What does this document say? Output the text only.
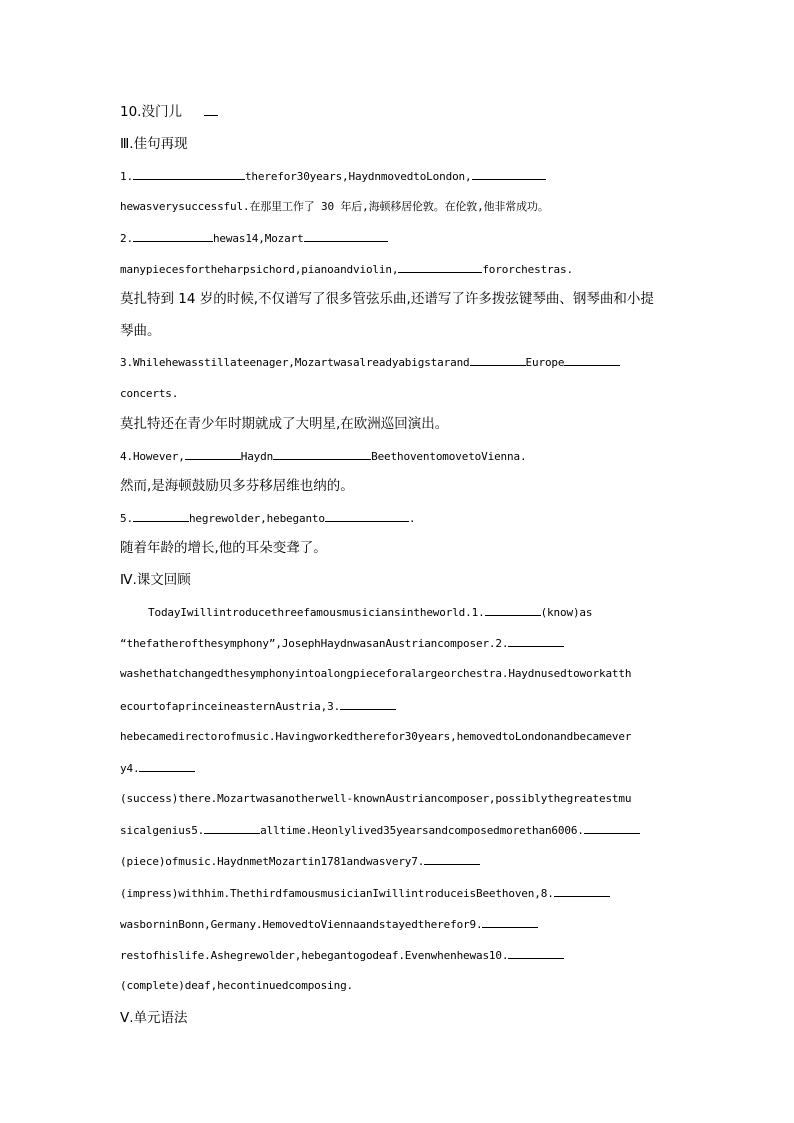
10.没门儿
Ⅲ.佳句再现
1.	therefor30years,HaydnmovedtoLondon,
hewasverysuccessful.在那里工作了 30 年后,海顿移居伦敦。在伦敦,他非常成功。
2.	hewas14,Mozart
manypiecesfortheharpsichord,pianoandviolin,	fororchestras.
莫扎特到 14 岁的时候,不仅谱写了很多管弦乐曲,还谱写了许多拨弦键琴曲、钢琴曲和小提
琴曲。
3.Whilehewasstillateenager,Mozartwasalreadyabigstarand	Europe
concerts.
莫扎特还在青少年时期就成了大明星,在欧洲巡回演出。
4.However,	Haydn	BeethoventomovetoVienna.
然而,是海顿鼓励贝多芬移居维也纳的。
5.	hegrewolder,hebeganto	.
随着年龄的增长,他的耳朵变聋了。
Ⅳ.课文回顾
TodayIwillintroducethreefamousmusiciansintheworld.1.	(know)as
“thefatherofthesymphony”,JosephHaydnwasanAustriancomposer.2.
washethatchangedthesymphonyintoalongpieceforalargeorchestra.Haydnusedtoworkatth
ecourtofaprinceineasternAustria,3.
hebecamedirectorofmusic.Havingworkedtherefor30years,hemovedtoLondonandbecamever
y4.
(success)there.Mozartwasanotherwell-knownAustriancomposer,possiblythegreatestmu
sicalgenius5.	alltime.Heonlylived35yearsandcomposedmorethan6006.
(piece)ofmusic.HaydnmetMozartin1781andwasvery7.
(impress)withhim.ThethirdfamousmusicianIwillintroduceisBeethoven,8.
wasborninBonn,Germany.HemovedtoViennaandstayedtherefor9.
restofhislife.Ashegrewolder,hebegantogodeaf.Evenwhenhewas10.
(complete)deaf,hecontinuedcomposing.
Ⅴ.单元语法
